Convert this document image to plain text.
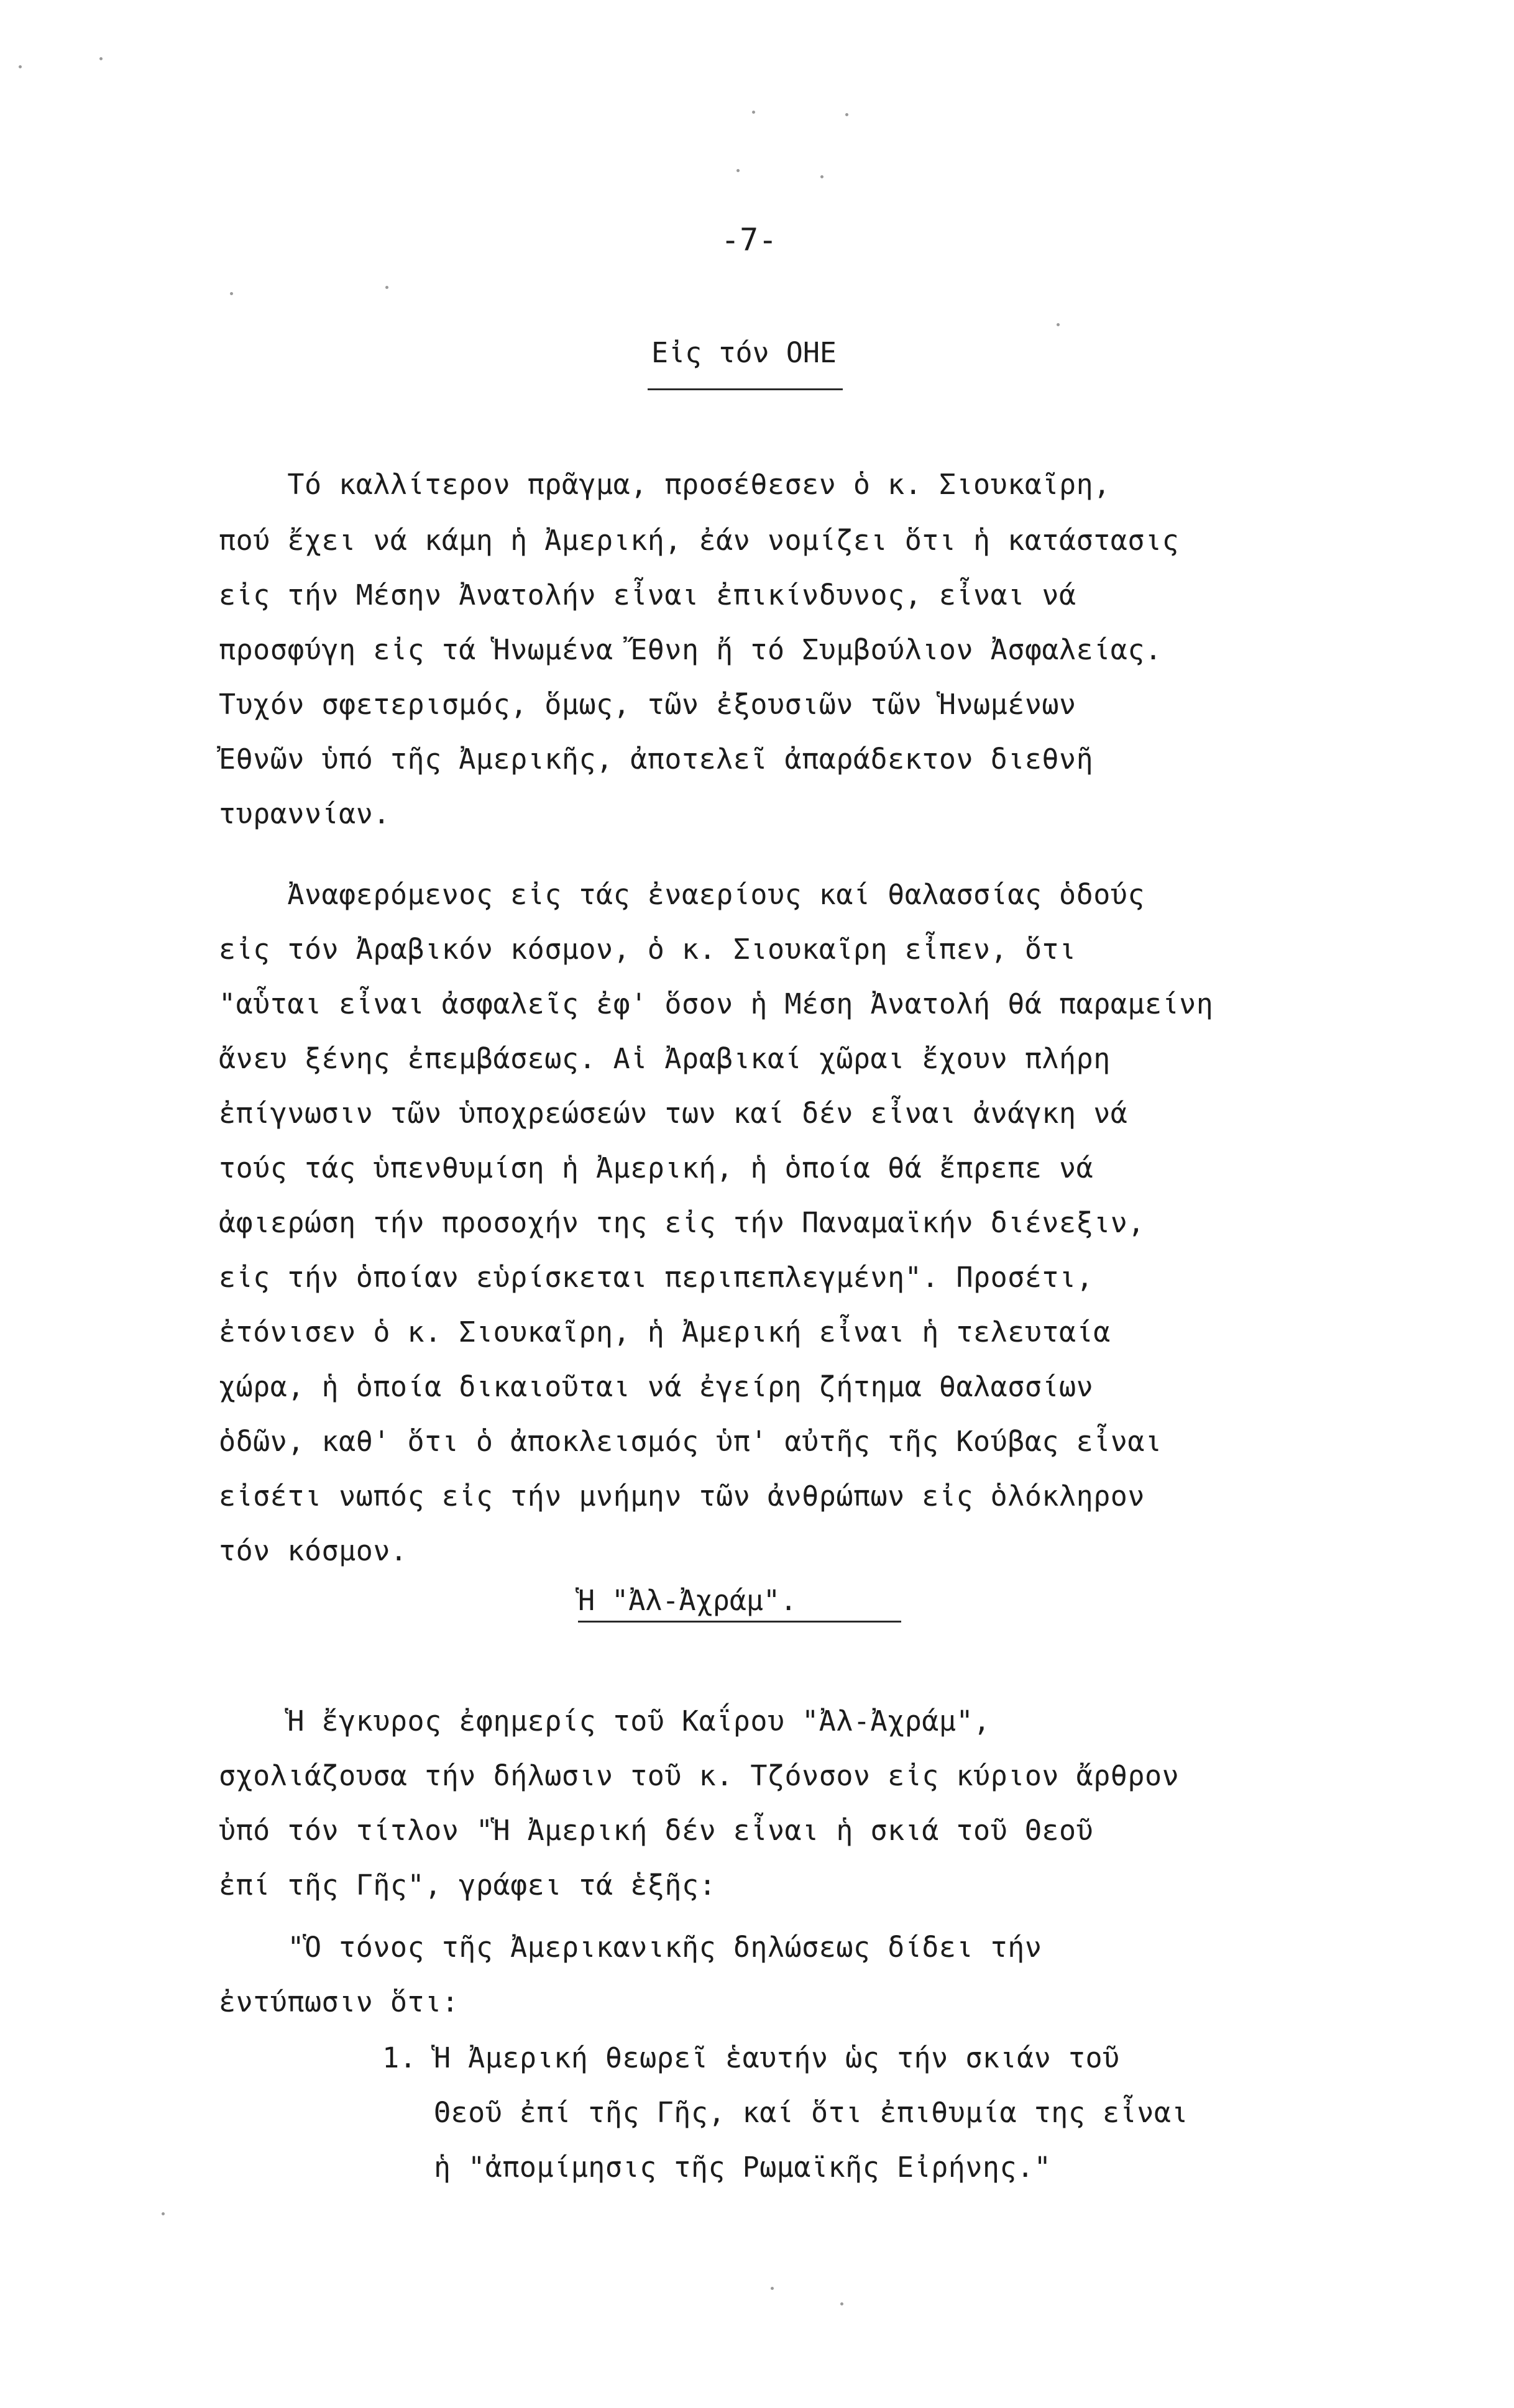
-7-
Εἰς τόν ΟΗΕ
Τό καλλίτερον πρᾶγμα, προσέθεσεν ὁ κ. Σιουκαῖρη,
πού ἔχει νά κάμη ἡ Ἀμερική, ἐάν νομίζει ὅτι ἡ κατάστασις
εἰς τήν Μέσην Ἀνατολήν εἶναι ἐπικίνδυνος, εἶναι νά
προσφύγη εἰς τά Ἡνωμένα Ἔθνη ἤ τό Συμβούλιον Ἀσφαλείας.
Τυχόν σφετερισμός, ὅμως, τῶν ἐξουσιῶν τῶν Ἡνωμένων
Ἐθνῶν ὑπό τῆς Ἀμερικῆς, ἀποτελεῖ ἀπαράδεκτον διεθνῆ
τυραννίαν.
Ἀναφερόμενος εἰς τάς ἐναερίους καί θαλασσίας ὁδούς
εἰς τόν Ἀραβικόν κόσμον, ὁ κ. Σιουκαῖρη εἶπεν, ὅτι
"αὗται εἶναι ἀσφαλεῖς ἐφ' ὅσον ἡ Μέση Ἀνατολή θά παραμείνη
ἄνευ ξένης ἐπεμβάσεως. Αἱ Ἀραβικαί χῶραι ἔχουν πλήρη
ἐπίγνωσιν τῶν ὑποχρεώσεών των καί δέν εἶναι ἀνάγκη νά
τούς τάς ὑπενθυμίση ἡ Ἀμερική, ἡ ὁποία θά ἔπρεπε νά
ἀφιερώση τήν προσοχήν της εἰς τήν Παναμαϊκήν διένεξιν,
εἰς τήν ὁποίαν εὑρίσκεται περιπεπλεγμένη". Προσέτι,
ἐτόνισεν ὁ κ. Σιουκαῖρη, ἡ Ἀμερική εἶναι ἡ τελευταία
χώρα, ἡ ὁποία δικαιοῦται νά ἐγείρη ζήτημα θαλασσίων
ὁδῶν, καθ' ὅτι ὁ ἀποκλεισμός ὑπ' αὐτῆς τῆς Κούβας εἶναι
εἰσέτι νωπός εἰς τήν μνήμην τῶν ἀνθρώπων εἰς ὁλόκληρον
τόν κόσμον.
Ἡ "Ἀλ-Ἀχράμ".
Ἡ ἔγκυρος ἐφημερίς τοῦ Καΐρου "Ἀλ-Ἀχράμ",
σχολιάζουσα τήν δήλωσιν τοῦ κ. Τζόνσον εἰς κύριον ἄρθρον
ὑπό τόν τίτλον "Ἡ Ἀμερική δέν εἶναι ἡ σκιά τοῦ Θεοῦ
ἐπί τῆς Γῆς", γράφει τά ἑξῆς:
"Ὁ τόνος τῆς Ἀμερικανικῆς δηλώσεως δίδει τήν
ἐντύπωσιν ὅτι:
1. Ἡ Ἀμερική θεωρεῖ ἑαυτήν ὡς τήν σκιάν τοῦ
Θεοῦ ἐπί τῆς Γῆς, καί ὅτι ἐπιθυμία της εἶναι
ἡ "ἀπομίμησις τῆς Ρωμαϊκῆς Εἰρήνης."
